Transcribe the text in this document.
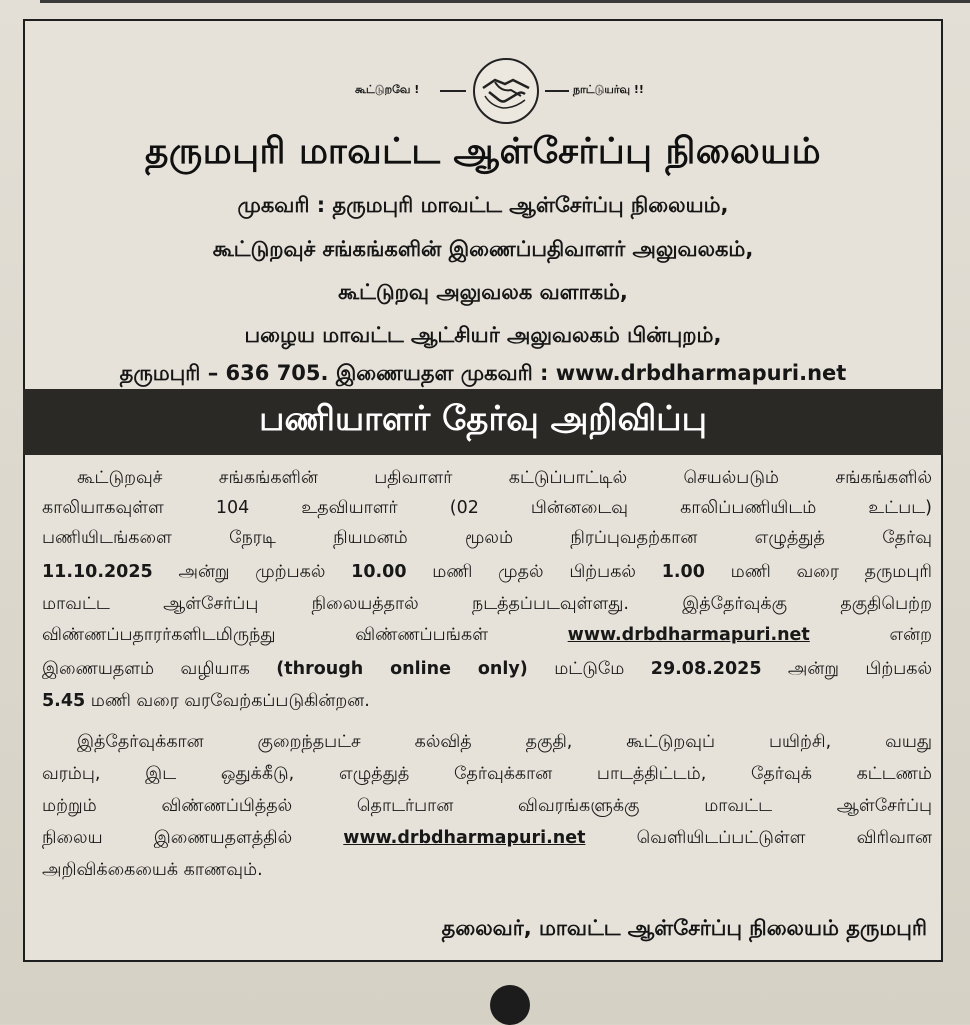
கூட்டுறவே !	நாட்டுயர்வு !!
தருமபுரி மாவட்ட ஆள்சேர்ப்பு நிலையம்
முகவரி : தருமபுரி மாவட்ட ஆள்சேர்ப்பு நிலையம்,
கூட்டுறவுச் சங்கங்களின் இணைப்பதிவாளர் அலுவலகம்,
கூட்டுறவு அலுவலக வளாகம்,
பழைய மாவட்ட ஆட்சியர் அலுவலகம் பின்புறம்,
தருமபுரி – 636 705. இணையதள முகவரி : www.drbdharmapuri.net
பணியாளர் தேர்வு அறிவிப்பு
கூட்டுறவுச் சங்கங்களின் பதிவாளர் கட்டுப்பாட்டில் செயல்படும் சங்கங்களில்
காலியாகவுள்ள 104 உதவியாளர் (02 பின்னடைவு காலிப்பணியிடம் உட்பட)
பணியிடங்களை நேரடி நியமனம் மூலம் நிரப்புவதற்கான எழுத்துத் தேர்வு
11.10.2025 அன்று முற்பகல் 10.00 மணி முதல் பிற்பகல் 1.00 மணி வரை தருமபுரி
மாவட்ட ஆள்சேர்ப்பு நிலையத்தால் நடத்தப்படவுள்ளது. இத்தேர்வுக்கு தகுதிபெற்ற
விண்ணப்பதாரர்களிடமிருந்து விண்ணப்பங்கள் www.drbdharmapuri.net என்ற
இணையதளம் வழியாக (through online only) மட்டுமே 29.08.2025 அன்று பிற்பகல்
5.45 மணி வரை வரவேற்கப்படுகின்றன.
இத்தேர்வுக்கான குறைந்தபட்ச கல்வித் தகுதி, கூட்டுறவுப் பயிற்சி, வயது
வரம்பு, இட ஒதுக்கீடு, எழுத்துத் தேர்வுக்கான பாடத்திட்டம், தேர்வுக் கட்டணம்
மற்றும் விண்ணப்பித்தல் தொடர்பான விவரங்களுக்கு மாவட்ட ஆள்சேர்ப்பு
நிலைய இணையதளத்தில் www.drbdharmapuri.net வெளியிடப்பட்டுள்ள விரிவான
அறிவிக்கையைக் காணவும்.
தலைவர், மாவட்ட ஆள்சேர்ப்பு நிலையம் தருமபுரி
